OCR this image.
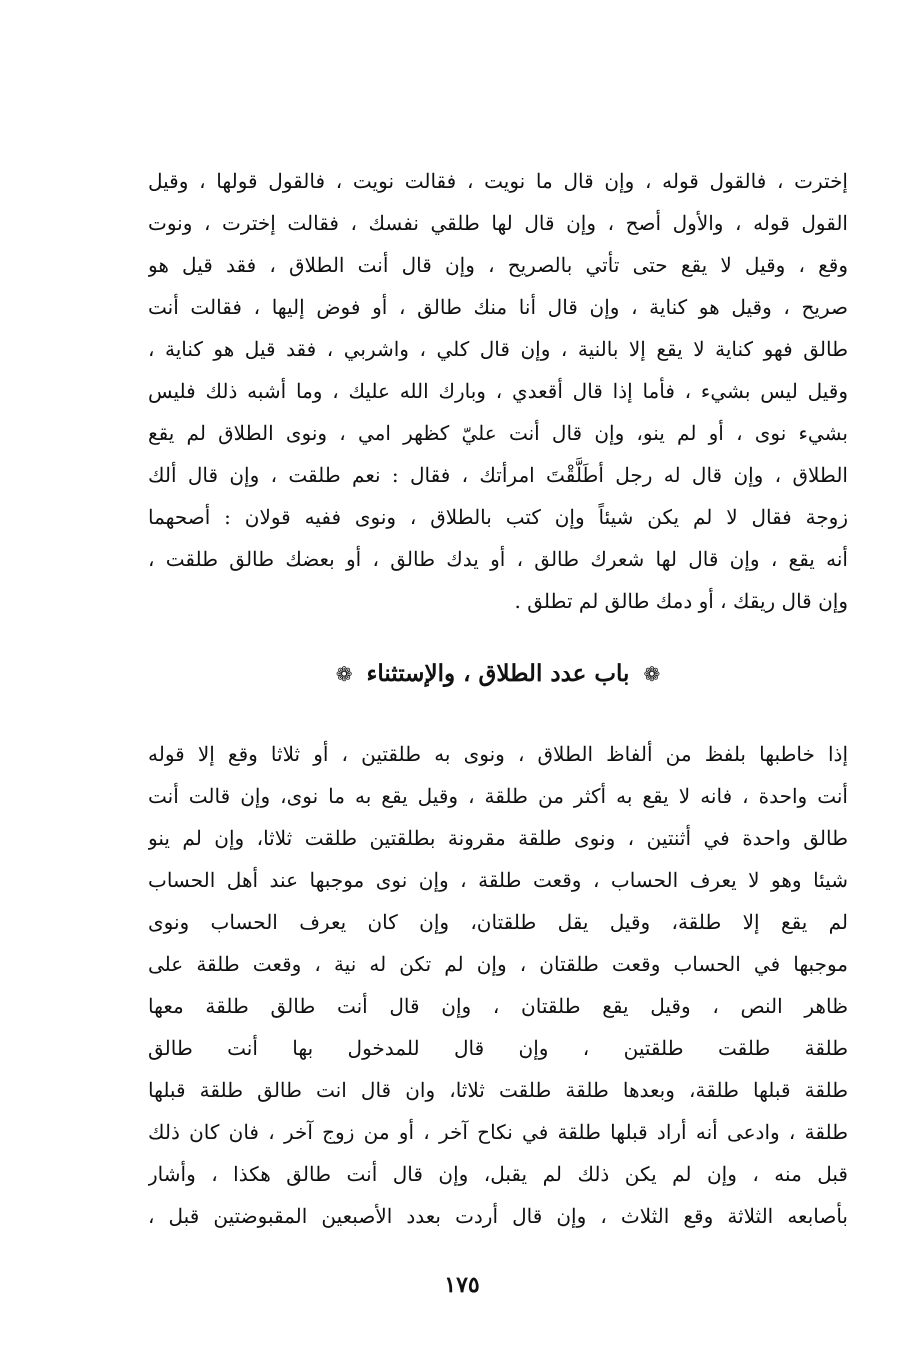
إخترت ، فالقول قوله ، وإن قال ما نويت ، فقالت نويت ، فالقول قولها ، وقيل
القول قوله ، والأول أصح ، وإن قال لها طلقي نفسك ، فقالت إخترت ، ونوت
وقع ، وقيل لا يقع حتى تأتي بالصريح ، وإن قال أنت الطلاق ، فقد قيل هو
صريح ، وقيل هو كناية ، وإن قال أنا منك طالق ، أو فوض إليها ، فقالت أنت
طالق فهو كناية لا يقع إلا بالنية ، وإن قال كلي ، واشربي ، فقد قيل هو كناية ،
وقيل ليس بشيء ، فأما إذا قال أقعدي ، وبارك الله عليك ، وما أشبه ذلك فليس
بشيء نوى ، أو لم ينو، وإن قال أنت عليّ كظهر امي ، ونوى الطلاق لم يقع
الطلاق ، وإن قال له رجل أطَلَّقْتَ امرأتك ، فقال : نعم طلقت ، وإن قال ألك
زوجة فقال لا لم يكن شيئاً وإن كتب بالطلاق ، ونوى ففيه قولان : أصحهما
أنه يقع ، وإن قال لها شعرك طالق ، أو يدك طالق ، أو بعضك طالق طلقت ،
وإن قال ريقك ، أو دمك طالق لم تطلق .
❁ باب عدد الطلاق ، والإستثناء ❁
إذا خاطبها بلفظ من ألفاظ الطلاق ، ونوى به طلقتين ، أو ثلاثا وقع إلا قوله
أنت واحدة ، فانه لا يقع به أكثر من طلقة ، وقيل يقع به ما نوى، وإن قالت أنت
طالق واحدة في أثنتين ، ونوى طلقة مقرونة بطلقتين طلقت ثلاثا، وإن لم ينو
شيئا وهو لا يعرف الحساب ، وقعت طلقة ، وإن نوى موجبها عند أهل الحساب
لم يقع إلا طلقة، وقيل يقل طلقتان، وإن كان يعرف الحساب ونوى
موجبها في الحساب وقعت طلقتان ، وإن لم تكن له نية ، وقعت طلقة على
ظاهر النص ، وقيل يقع طلقتان ، وإن قال أنت طالق طلقة معها
طلقة طلقت طلقتين ، وإن قال للمدخول بها أنت طالق
طلقة قبلها طلقة، وبعدها طلقة طلقت ثلاثا، وان قال انت طالق طلقة قبلها
طلقة ، وادعى أنه أراد قبلها طلقة في نكاح آخر ، أو من زوج آخر ، فان كان ذلك
قبل منه ، وإن لم يكن ذلك لم يقبل، وإن قال أنت طالق هكذا ، وأشار
بأصابعه الثلاثة وقع الثلاث ، وإن قال أردت بعدد الأصبعين المقبوضتين قبل ،
١٧٥
